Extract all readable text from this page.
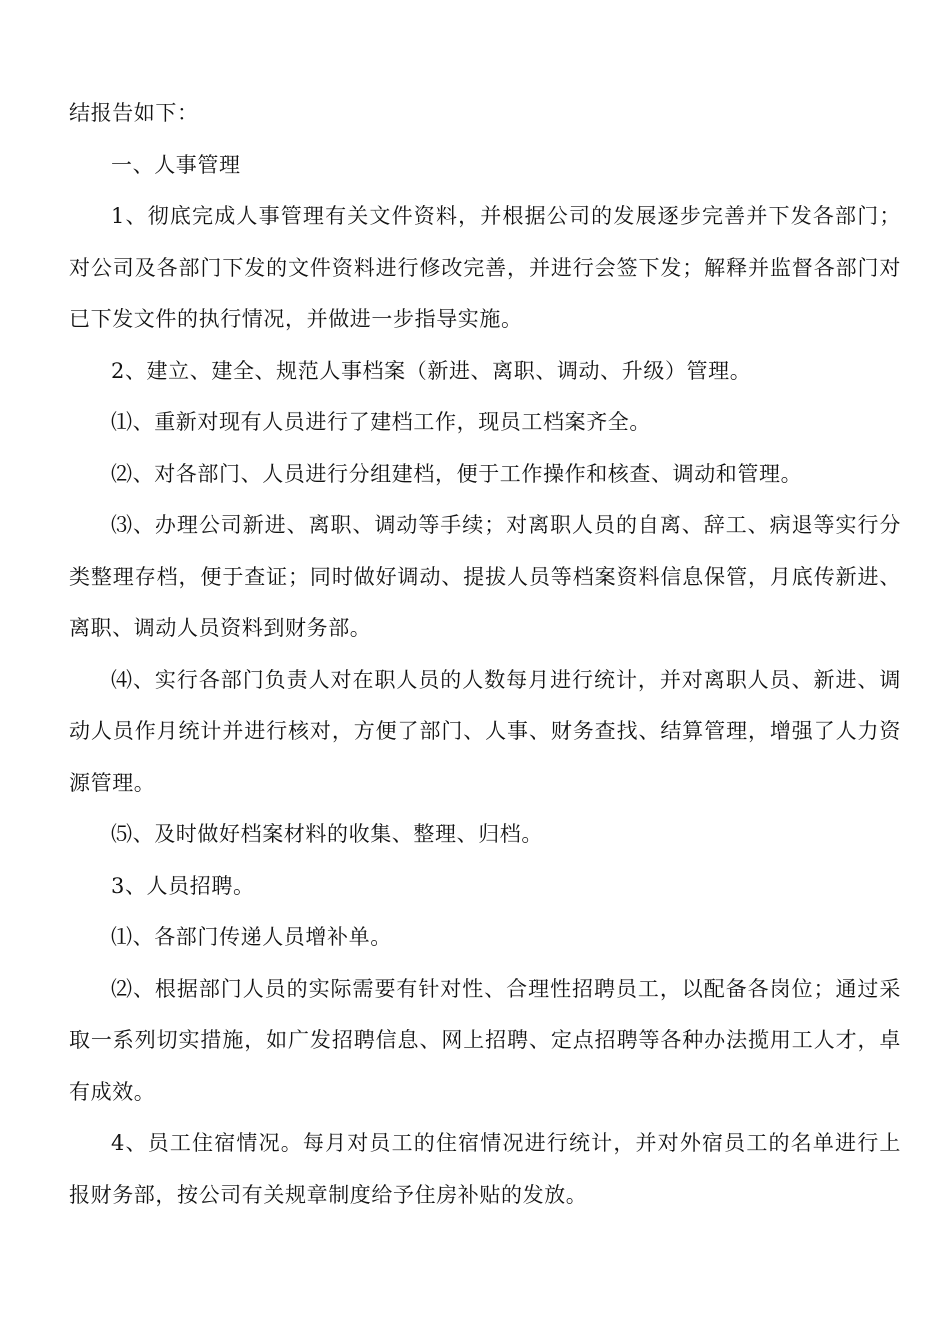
结报告如下：

一、人事管理

1、彻底完成人事管理有关文件资料，并根据公司的发展逐步完善并下发各部门；对公司及各部门下发的文件资料进行修改完善，并进行会签下发；解释并监督各部门对已下发文件的执行情况，并做进一步指导实施。

2、建立、建全、规范人事档案（新进、离职、调动、升级）管理。

⑴、重新对现有人员进行了建档工作，现员工档案齐全。

⑵、对各部门、人员进行分组建档，便于工作操作和核查、调动和管理。

⑶、办理公司新进、离职、调动等手续；对离职人员的自离、辞工、病退等实行分类整理存档，便于查证；同时做好调动、提拔人员等档案资料信息保管，月底传新进、离职、调动人员资料到财务部。

⑷、实行各部门负责人对在职人员的人数每月进行统计，并对离职人员、新进、调动人员作月统计并进行核对，方便了部门、人事、财务查找、结算管理，增强了人力资源管理。

⑸、及时做好档案材料的收集、整理、归档。

3、人员招聘。

⑴、各部门传递人员增补单。

⑵、根据部门人员的实际需要有针对性、合理性招聘员工，以配备各岗位；通过采取一系列切实措施，如广发招聘信息、网上招聘、定点招聘等各种办法揽用工人才，卓有成效。

4、员工住宿情况。每月对员工的住宿情况进行统计，并对外宿员工的名单进行上报财务部，按公司有关规章制度给予住房补贴的发放。
